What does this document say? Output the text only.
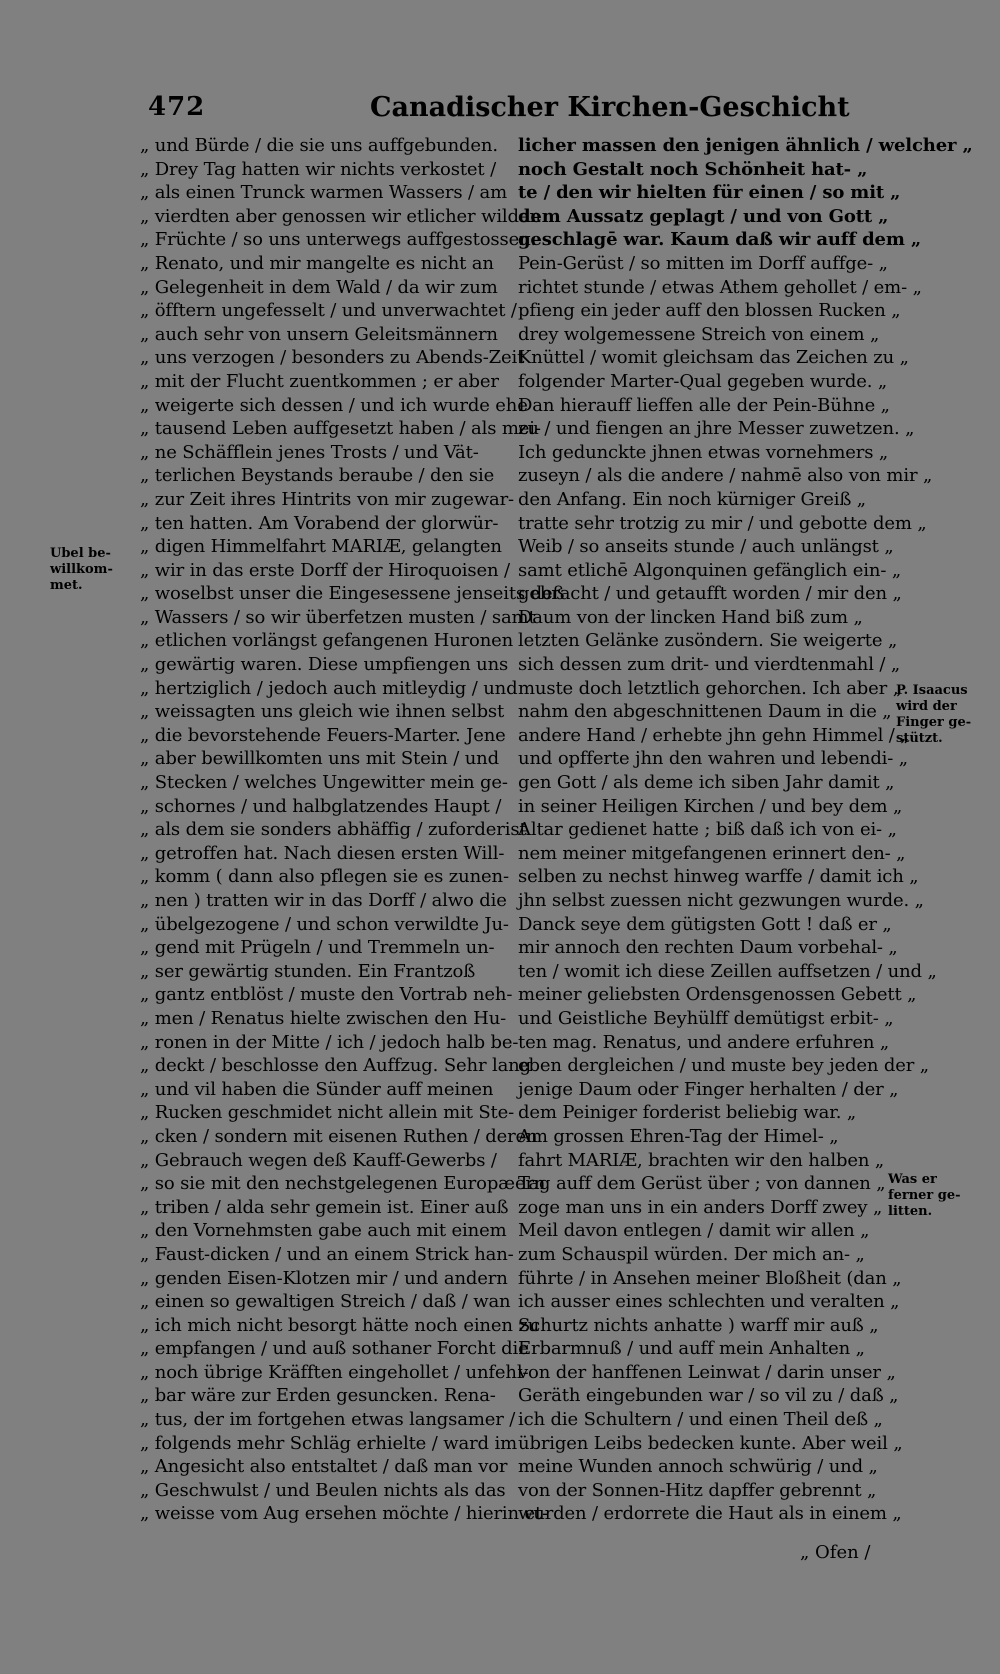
472	Canadischer Kirchen-Geschicht
„ und Bürde / die sie uns auffgebunden.
„ Drey Tag hatten wir nichts verkostet /
„ als einen Trunck warmen Wassers / am
„ vierdten aber genossen wir etlicher wilden
„ Früchte / so uns unterwegs auffgestossen.
„ Renato, und mir mangelte es nicht an
„ Gelegenheit in dem Wald / da wir zum
„ öfftern ungefesselt / und unverwachtet /
„ auch sehr von unsern Geleitsmännern
„ uns verzogen / besonders zu Abends-Zeit
„ mit der Flucht zuentkommen ; er aber
„ weigerte sich dessen / und ich wurde ehe
„ tausend Leben auffgesetzt haben / als mei-
„ ne Schäfflein jenes Trosts / und Vät-
„ terlichen Beystands beraube / den sie
„ zur Zeit ihres Hintrits von mir zugewar-
„ ten hatten. Am Vorabend der glorwür-
„ digen Himmelfahrt MARIÆ, gelangten
„ wir in das erste Dorff der Hiroquoisen /
„ woselbst unser die Eingesessene jenseits deß
„ Wassers / so wir überfetzen musten / samt
„ etlichen vorlängst gefangenen Huronen
„ gewärtig waren. Diese umpfiengen uns
„ hertziglich / jedoch auch mitleydig / und
„ weissagten uns gleich wie ihnen selbst
„ die bevorstehende Feuers-Marter. Jene
„ aber bewillkomten uns mit Stein / und
„ Stecken / welches Ungewitter mein ge-
„ schornes / und halbglatzendes Haupt /
„ als dem sie sonders abhäffig / zuforderist
„ getroffen hat. Nach diesen ersten Will-
„ komm ( dann also pflegen sie es zunen-
„ nen ) tratten wir in das Dorff / alwo die
„ übelgezogene / und schon verwildte Ju-
„ gend mit Prügeln / und Tremmeln un-
„ ser gewärtig stunden. Ein Frantzoß
„ gantz entblöst / muste den Vortrab neh-
„ men / Renatus hielte zwischen den Hu-
„ ronen in der Mitte / ich / jedoch halb be-
„ deckt / beschlosse den Auffzug. Sehr lang
„ und vil haben die Sünder auff meinen
„ Rucken geschmidet nicht allein mit Ste-
„ cken / sondern mit eisenen Ruthen / deren
„ Gebrauch wegen deß Kauff-Gewerbs /
„ so sie mit den nechstgelegenen Europæern
„ triben / alda sehr gemein ist. Einer auß
„ den Vornehmsten gabe auch mit einem
„ Faust-dicken / und an einem Strick han-
„ genden Eisen-Klotzen mir / und andern
„ einen so gewaltigen Streich / daß / wan
„ ich mich nicht besorgt hätte noch einen zu
„ empfangen / und auß sothaner Forcht die
„ noch übrige Kräfften eingehollet / unfehl-
„ bar wäre zur Erden gesuncken. Rena-
„ tus, der im fortgehen etwas langsamer /
„ folgends mehr Schläg erhielte / ward im
„ Angesicht also entstaltet / daß man vor
„ Geschwulst / und Beulen nichts als das
„ weisse vom Aug ersehen möchte / hierin et-
licher massen den jenigen ähnlich / welcher „
noch Gestalt noch Schönheit hat- „
te / den wir hielten für einen / so mit „
dem Aussatz geplagt / und von Gott „
geschlagē war. Kaum daß wir auff dem „
Pein-Gerüst / so mitten im Dorff auffge- „
richtet stunde / etwas Athem gehollet / em- „
pfieng ein jeder auff den blossen Rucken „
drey wolgemessene Streich von einem „
Knüttel / womit gleichsam das Zeichen zu „
folgender Marter-Qual gegeben wurde. „
Dan hierauff lieffen alle der Pein-Bühne „
zu / und fiengen an jhre Messer zuwetzen. „
Ich gedunckte jhnen etwas vornehmers „
zuseyn / als die andere / nahmē also von mir „
den Anfang. Ein noch kürniger Greiß „
tratte sehr trotzig zu mir / und gebotte dem „
Weib / so anseits stunde / auch unlängst „
samt etlichē Algonquinen gefänglich ein- „
gebracht / und getaufft worden / mir den „
Daum von der lincken Hand biß zum „
letzten Gelänke zusöndern. Sie weigerte „
sich dessen zum drit- und vierdtenmahl / „
muste doch letztlich gehorchen. Ich aber „
nahm den abgeschnittenen Daum in die „
andere Hand / erhebte jhn gehn Himmel / „
und opfferte jhn den wahren und lebendi- „
gen Gott / als deme ich siben Jahr damit „
in seiner Heiligen Kirchen / und bey dem „
Altar gedienet hatte ; biß daß ich von ei- „
nem meiner mitgefangenen erinnert den- „
selben zu nechst hinweg warffe / damit ich „
jhn selbst zuessen nicht gezwungen wurde. „
Danck seye dem gütigsten Gott ! daß er „
mir annoch den rechten Daum vorbehal- „
ten / womit ich diese Zeillen auffsetzen / und „
meiner geliebsten Ordensgenossen Gebett „
und Geistliche Beyhülff demütigst erbit- „
ten mag. Renatus, und andere erfuhren „
eben dergleichen / und muste bey jeden der „
jenige Daum oder Finger herhalten / der „
dem Peiniger forderist beliebig war. „
Am grossen Ehren-Tag der Himel- „
fahrt MARIÆ, brachten wir den halben „
Tag auff dem Gerüst über ; von dannen „
zoge man uns in ein anders Dorff zwey „
Meil davon entlegen / damit wir allen „
zum Schauspil würden. Der mich an- „
führte / in Ansehen meiner Bloßheit (dan „
ich ausser eines schlechten und veralten „
Schurtz nichts anhatte ) warff mir auß „
Erbarmnuß / und auff mein Anhalten „
von der hanffenen Leinwat / darin unser „
Geräth eingebunden war / so vil zu / daß „
ich die Schultern / und einen Theil deß „
übrigen Leibs bedecken kunte. Aber weil „
meine Wunden annoch schwürig / und „
von der Sonnen-Hitz dapffer gebrennt „
wurden / erdorrete die Haut als in einem „
Ubel be-
willkom-
met.
P. Isaacus
wird der
Finger ge-
stützt.
Was er
ferner ge-
litten.
„ Ofen /
